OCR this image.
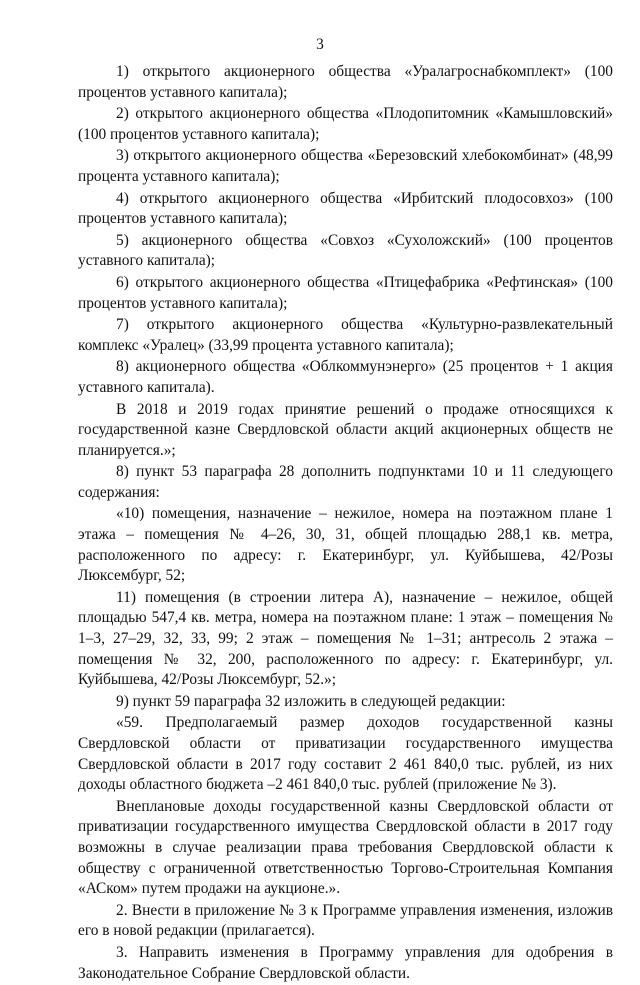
3

1) открытого акционерного общества «Уралагроснабкомплект» (100 процентов уставного капитала);

2) открытого акционерного общества «Плодопитомник «Камышловский» (100 процентов уставного капитала);

3) открытого акционерного общества «Березовский хлебокомбинат» (48,99 процента уставного капитала);

4) открытого акционерного общества «Ирбитский плодосовхоз» (100 процентов уставного капитала);

5) акционерного общества «Совхоз «Сухоложский» (100 процентов уставного капитала);

6) открытого акционерного общества «Птицефабрика «Рефтинская» (100 процентов уставного капитала);

7) открытого акционерного общества «Культурно-развлекательный комплекс «Уралец» (33,99 процента уставного капитала);

8) акционерного общества «Облкоммунэнерго» (25 процентов + 1 акция уставного капитала).

В 2018 и 2019 годах принятие решений о продаже относящихся к государственной казне Свердловской области акций акционерных обществ не планируется.»;

8) пункт 53 параграфа 28 дополнить подпунктами 10 и 11 следующего содержания:

«10) помещения, назначение – нежилое, номера на поэтажном плане 1 этажа – помещения № 4–26, 30, 31, общей площадью 288,1 кв. метра, расположенного по адресу: г. Екатеринбург, ул. Куйбышева, 42/Розы Люксембург, 52;

11) помещения (в строении литера А), назначение – нежилое, общей площадью 547,4 кв. метра, номера на поэтажном плане: 1 этаж – помещения № 1–3, 27–29, 32, 33, 99; 2 этаж – помещения № 1–31; антресоль 2 этажа – помещения № 32, 200, расположенного по адресу: г. Екатеринбург, ул. Куйбышева, 42/Розы Люксембург, 52.»;

9) пункт 59 параграфа 32 изложить в следующей редакции:

«59. Предполагаемый размер доходов государственной казны Свердловской области от приватизации государственного имущества Свердловской области в 2017 году составит 2 461 840,0 тыс. рублей, из них доходы областного бюджета –2 461 840,0 тыс. рублей (приложение № 3).

Внеплановые доходы государственной казны Свердловской области от приватизации государственного имущества Свердловской области в 2017 году возможны в случае реализации права требования Свердловской области к обществу с ограниченной ответственностью Торгово-Строительная Компания «АСком» путем продажи на аукционе.».

2. Внести в приложение № 3 к Программе управления изменения, изложив его в новой редакции (прилагается).

3. Направить изменения в Программу управления для одобрения в Законодательное Собрание Свердловской области.
